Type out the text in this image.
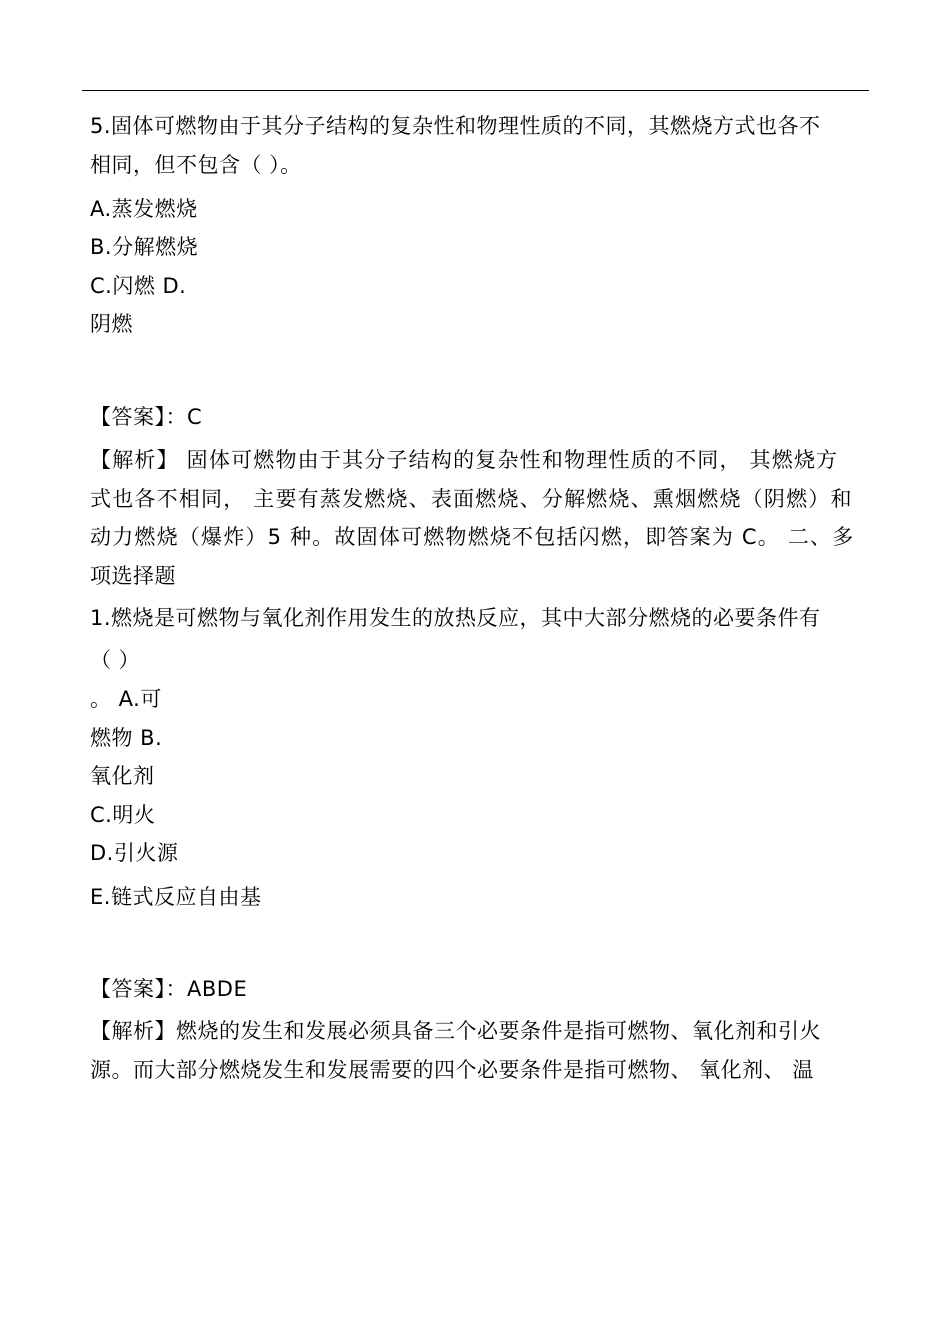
5.固体可燃物由于其分子结构的复杂性和物理性质的不同，其燃烧方式也各不
相同，但不包含（ ）。
A.蒸发燃烧
B.分解燃烧
C.闪燃 D.
阴燃
【答案】：C
【解析】 固体可燃物由于其分子结构的复杂性和物理性质的不同， 其燃烧方
式也各不相同， 主要有蒸发燃烧、表面燃烧、分解燃烧、熏烟燃烧（阴燃）和
动力燃烧（爆炸）5 种。故固体可燃物燃烧不包括闪燃，即答案为 C。 二、多
项选择题
1.燃烧是可燃物与氧化剂作用发生的放热反应，其中大部分燃烧的必要条件有
（ ）
。 A.可
燃物 B.
氧化剂
C.明火
D.引火源
E.链式反应自由基
【答案】：ABDE
【解析】燃烧的发生和发展必须具备三个必要条件是指可燃物、氧化剂和引火
源。而大部分燃烧发生和发展需要的四个必要条件是指可燃物、 氧化剂、 温
